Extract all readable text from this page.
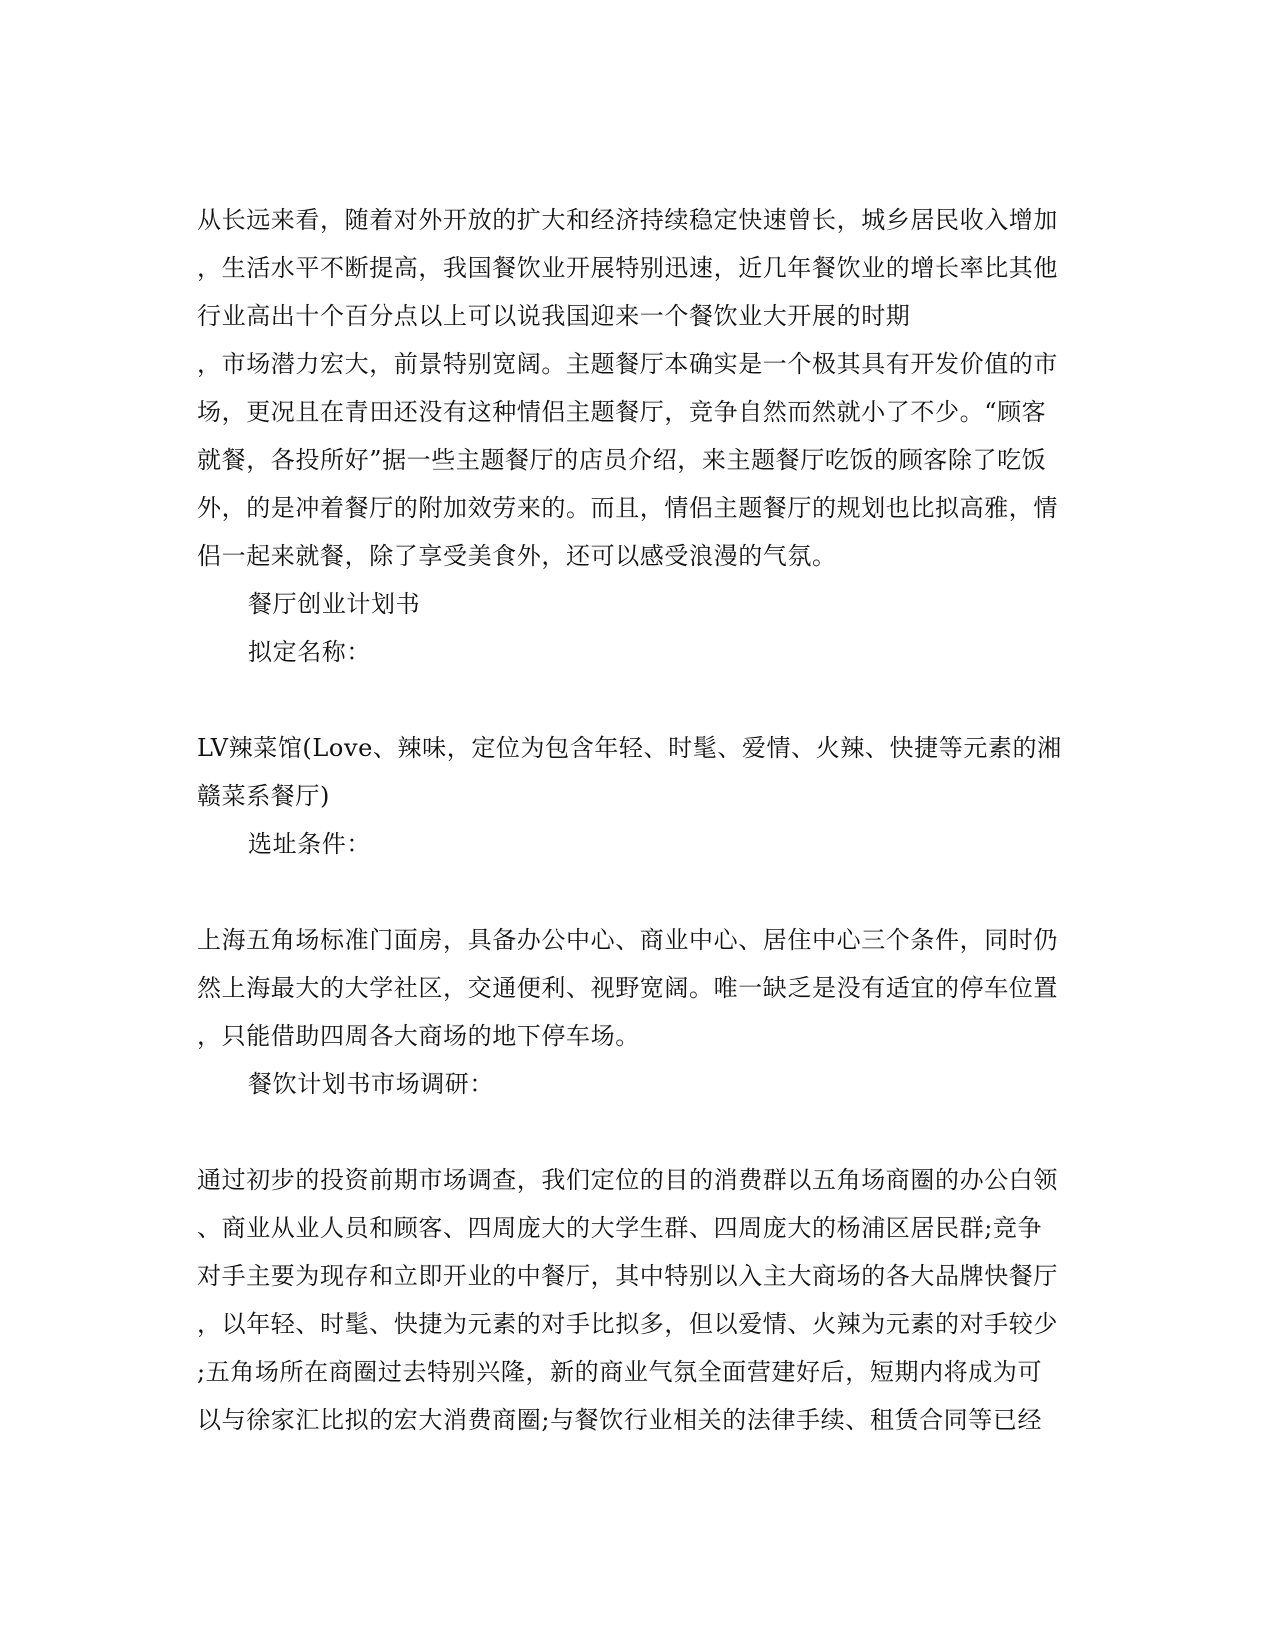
从长远来看，随着对外开放的扩大和经济持续稳定快速曾长，城乡居民收入增加
，生活水平不断提高，我国餐饮业开展特别迅速，近几年餐饮业的增长率比其他
行业高出十个百分点以上可以说我国迎来一个餐饮业大开展的时期
，市场潜力宏大，前景特别宽阔。主题餐厅本确实是一个极其具有开发价值的市
场，更况且在青田还没有这种情侣主题餐厅，竞争自然而然就小了不少。“顾客
就餐，各投所好”据一些主题餐厅的店员介绍，来主题餐厅吃饭的顾客除了吃饭
外，的是冲着餐厅的附加效劳来的。而且，情侣主题餐厅的规划也比拟高雅，情
侣一起来就餐，除了享受美食外，还可以感受浪漫的气氛。
餐厅创业计划书
拟定名称：
LV辣菜馆(Love、辣味，定位为包含年轻、时髦、爱情、火辣、快捷等元素的湘
赣菜系餐厅)
选址条件：
上海五角场标准门面房，具备办公中心、商业中心、居住中心三个条件，同时仍
然上海最大的大学社区，交通便利、视野宽阔。唯一缺乏是没有适宜的停车位置
，只能借助四周各大商场的地下停车场。
餐饮计划书市场调研：
通过初步的投资前期市场调查，我们定位的目的消费群以五角场商圈的办公白领
、商业从业人员和顾客、四周庞大的大学生群、四周庞大的杨浦区居民群;竞争
对手主要为现存和立即开业的中餐厅，其中特别以入主大商场的各大品牌快餐厅
，以年轻、时髦、快捷为元素的对手比拟多，但以爱情、火辣为元素的对手较少
;五角场所在商圈过去特别兴隆，新的商业气氛全面营建好后，短期内将成为可
以与徐家汇比拟的宏大消费商圈;与餐饮行业相关的法律手续、租赁合同等已经
